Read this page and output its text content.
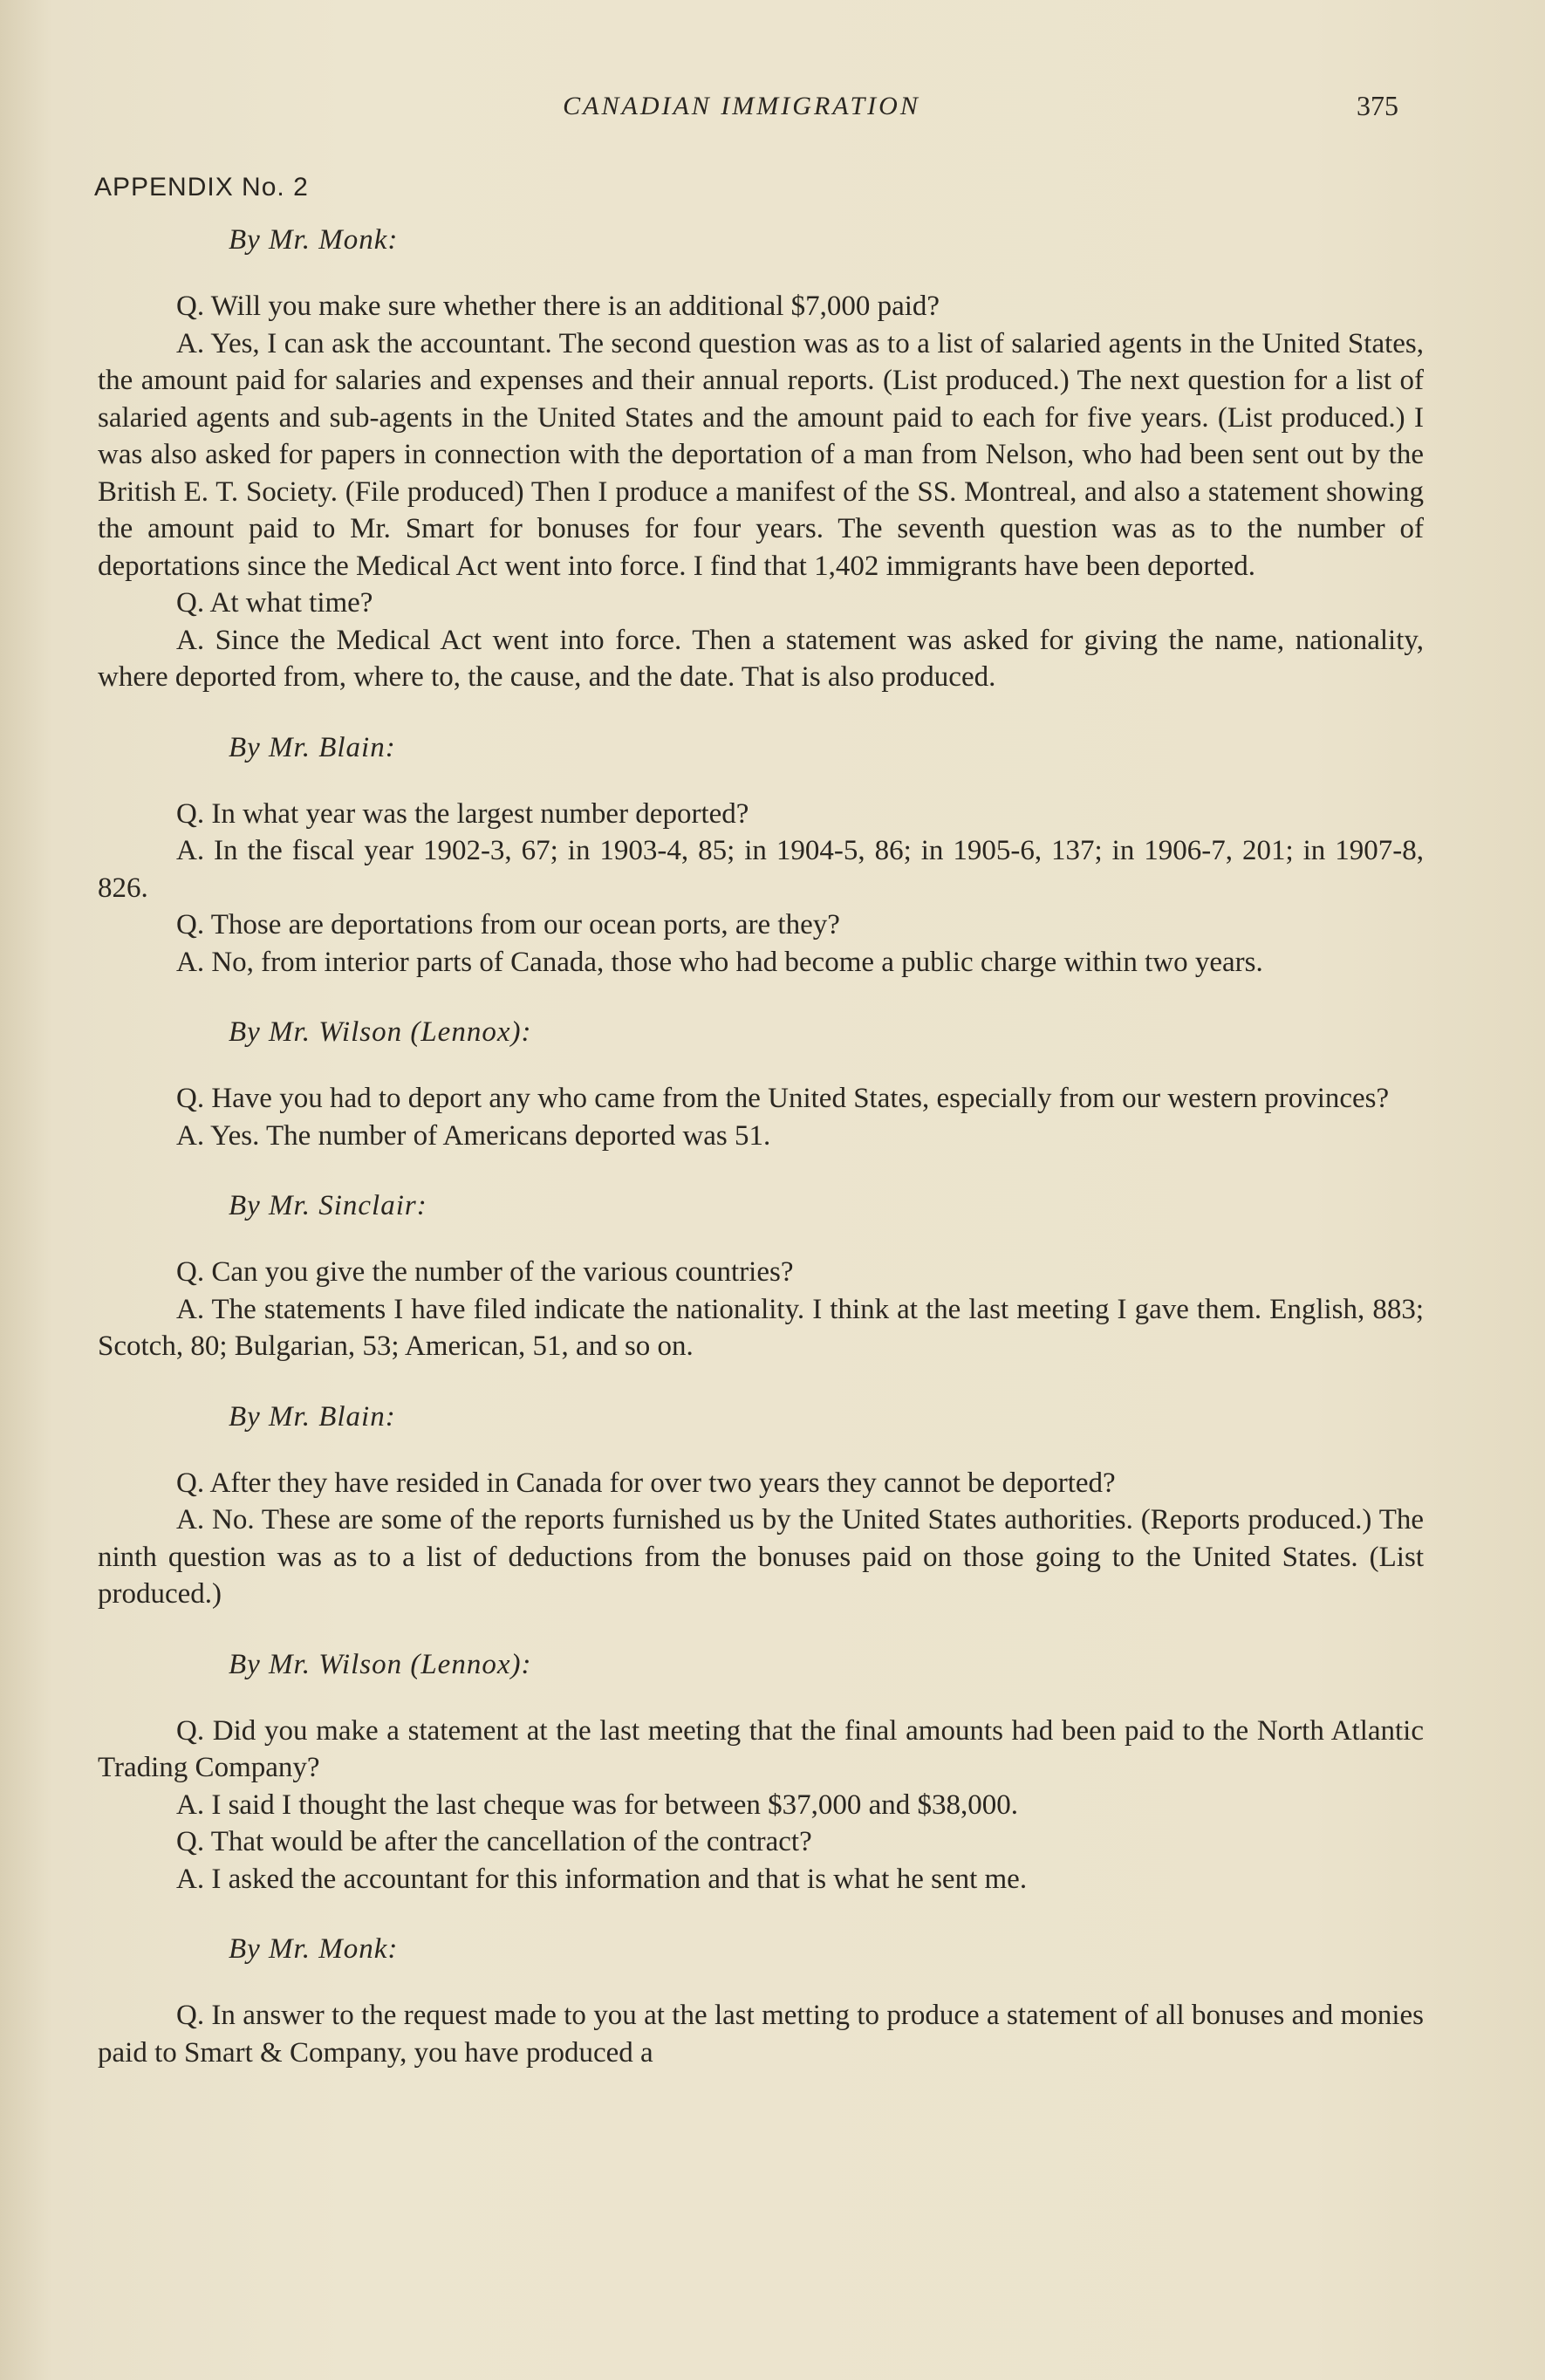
CANADIAN IMMIGRATION	375
APPENDIX No. 2

By Mr. Monk:

Q. Will you make sure whether there is an additional $7,000 paid?

A. Yes, I can ask the accountant. The second question was as to a list of salaried agents in the United States, the amount paid for salaries and expenses and their annual reports. (List produced.) The next question for a list of salaried agents and sub-agents in the United States and the amount paid to each for five years. (List produced.) I was also asked for papers in connection with the deportation of a man from Nelson, who had been sent out by the British E. T. Society. (File produced) Then I produce a manifest of the SS. Montreal, and also a statement showing the amount paid to Mr. Smart for bonuses for four years. The seventh question was as to the number of deportations since the Medical Act went into force. I find that 1,402 immigrants have been deported.

Q. At what time?

A. Since the Medical Act went into force. Then a statement was asked for giving the name, nationality, where deported from, where to, the cause, and the date. That is also produced.

By Mr. Blain:

Q. In what year was the largest number deported?

A. In the fiscal year 1902-3, 67; in 1903-4, 85; in 1904-5, 86; in 1905-6, 137; in 1906-7, 201; in 1907-8, 826.

Q. Those are deportations from our ocean ports, are they?

A. No, from interior parts of Canada, those who had become a public charge within two years.

By Mr. Wilson (Lennox):

Q. Have you had to deport any who came from the United States, especially from our western provinces?

A. Yes. The number of Americans deported was 51.

By Mr. Sinclair:

Q. Can you give the number of the various countries?

A. The statements I have filed indicate the nationality. I think at the last meeting I gave them. English, 883; Scotch, 80; Bulgarian, 53; American, 51, and so on.

By Mr. Blain:

Q. After they have resided in Canada for over two years they cannot be deported?

A. No. These are some of the reports furnished us by the United States authorities. (Reports produced.) The ninth question was as to a list of deductions from the bonuses paid on those going to the United States. (List produced.)

By Mr. Wilson (Lennox):

Q. Did you make a statement at the last meeting that the final amounts had been paid to the North Atlantic Trading Company?

A. I said I thought the last cheque was for between $37,000 and $38,000.

Q. That would be after the cancellation of the contract?

A. I asked the accountant for this information and that is what he sent me.

By Mr. Monk:

Q. In answer to the request made to you at the last metting to produce a statement of all bonuses and monies paid to Smart & Company, you have produced a
